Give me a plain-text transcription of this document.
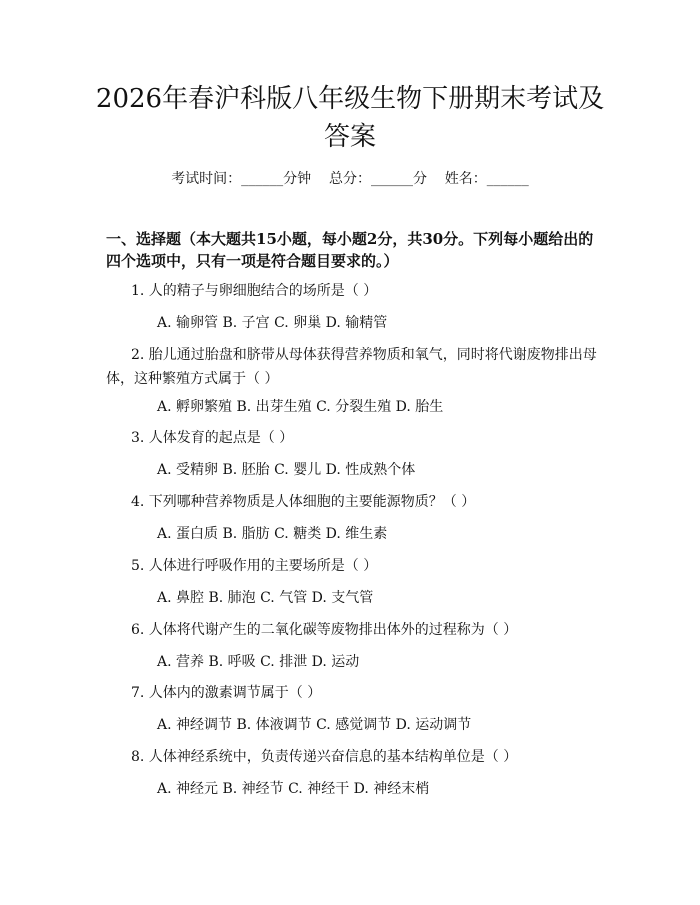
2026年春沪科版八年级生物下册期末考试及答案
考试时间：______分钟    总分：______分    姓名：______

一、选择题（本大题共15小题，每小题2分，共30分。下列每小题给出的四个选项中，只有一项是符合题目要求的。）

1. 人的精子与卵细胞结合的场所是（ ）

A. 输卵管 B. 子宫 C. 卵巢 D. 输精管

2. 胎儿通过胎盘和脐带从母体获得营养物质和氧气，同时将代谢废物排出母体，这种繁殖方式属于（ ）

A. 孵卵繁殖 B. 出芽生殖 C. 分裂生殖 D. 胎生

3. 人体发育的起点是（ ）

A. 受精卵 B. 胚胎 C. 婴儿 D. 性成熟个体

4. 下列哪种营养物质是人体细胞的主要能源物质？（ ）

A. 蛋白质 B. 脂肪 C. 糖类 D. 维生素

5. 人体进行呼吸作用的主要场所是（ ）

A. 鼻腔 B. 肺泡 C. 气管 D. 支气管

6. 人体将代谢产生的二氧化碳等废物排出体外的过程称为（ ）

A. 营养 B. 呼吸 C. 排泄 D. 运动

7. 人体内的激素调节属于（ ）

A. 神经调节 B. 体液调节 C. 感觉调节 D. 运动调节

8. 人体神经系统中，负责传递兴奋信息的基本结构单位是（ ）

A. 神经元 B. 神经节 C. 神经干 D. 神经末梢
